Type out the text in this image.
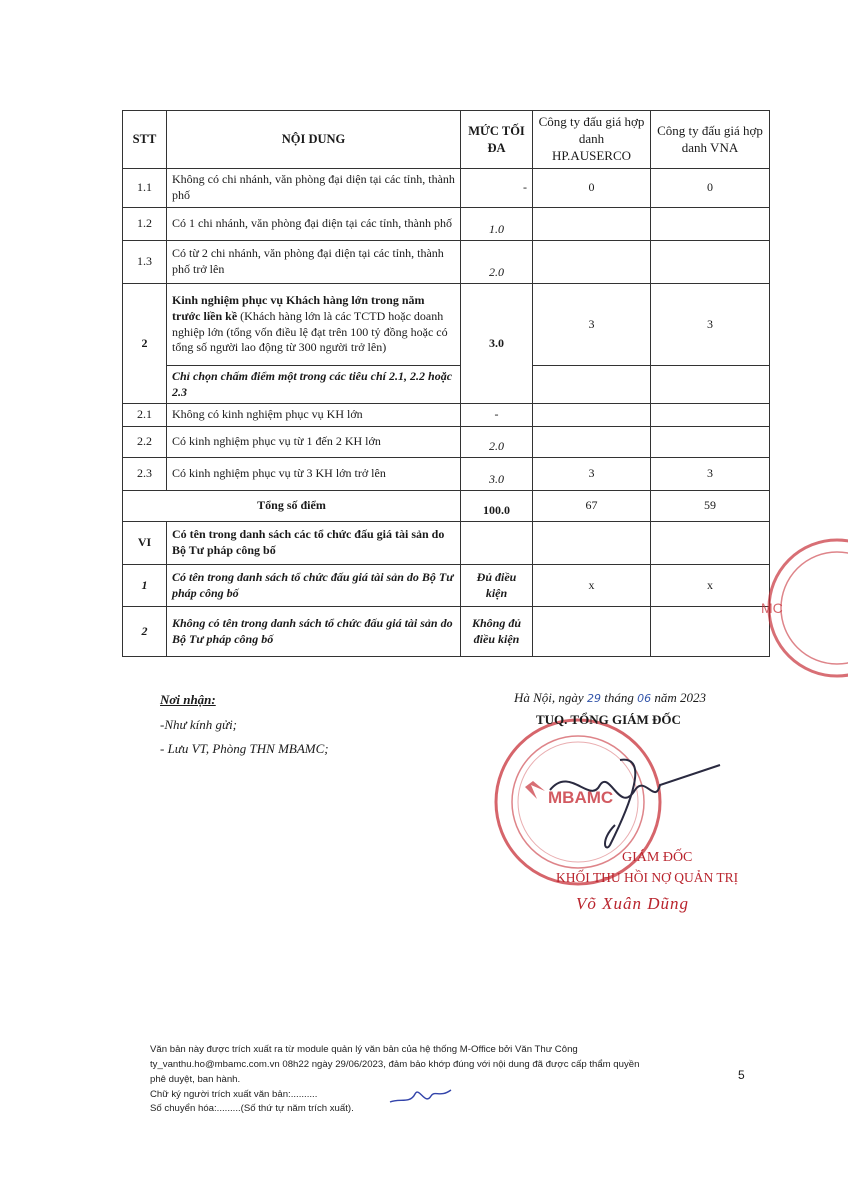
STT	NỘI DUNG	MỨC TỐI ĐA	Công ty đấu giá hợp danh HP.AUSERCO	Công ty đấu giá hợp danh VNA
1.1	Không có chi nhánh, văn phòng đại diện tại các tỉnh, thành phố	-	0	0
1.2	Có 1 chi nhánh, văn phòng đại diện tại các tỉnh, thành phố	1.0		
1.3	Có từ 2 chi nhánh, văn phòng đại diện tại các tỉnh, thành phố trở lên	2.0		
2	Kinh nghiệm phục vụ Khách hàng lớn trong năm trước liền kề (Khách hàng lớn là các TCTD hoặc doanh nghiệp lớn (tổng vốn điều lệ đạt trên 100 tỷ đồng hoặc có tổng số người lao động từ 300 người trở lên)	3.0	3	3
	Chỉ chọn chấm điểm một trong các tiêu chí 2.1, 2.2 hoặc 2.3			
2.1	Không có kinh nghiệm phục vụ KH lớn	-		
2.2	Có kinh nghiệm phục vụ từ 1 đến 2 KH lớn	2.0		
2.3	Có kinh nghiệm phục vụ từ 3 KH lớn trở lên	3.0	3	3
Tổng số điểm		100.0	67	59
VI	Có tên trong danh sách các tổ chức đấu giá tài sản do Bộ Tư pháp công bố			
1	Có tên trong danh sách tổ chức đấu giá tài sản do Bộ Tư pháp công bố	Đủ điều kiện	x	x
2	Không có tên trong danh sách tổ chức đấu giá tài sản do Bộ Tư pháp công bố	Không đủ điều kiện		
MC
Nơi nhận:
-Như kính gửi;
- Lưu VT, Phòng THN MBAMC;
MBAMC
Hà Nội, ngày 29 tháng 06 năm 2023
TUQ. TỔNG GIÁM ĐỐC
GIÁM ĐỐC
KHỐI THU HỒI NỢ QUẢN TRỊ
Võ Xuân Dũng
Văn bản này được trích xuất ra từ module quản lý văn bản của hệ thống M-Office bởi Văn Thư Công
ty_vanthu.ho@mbamc.com.vn 08h22 ngày 29/06/2023, đảm bảo khớp đúng với nội dung đã được cấp thẩm quyền
phê duyệt, ban hành.
Chữ ký người trích xuất văn bản:..........
Số chuyển hóa:.........(Số thứ tự năm trích xuất).
5
